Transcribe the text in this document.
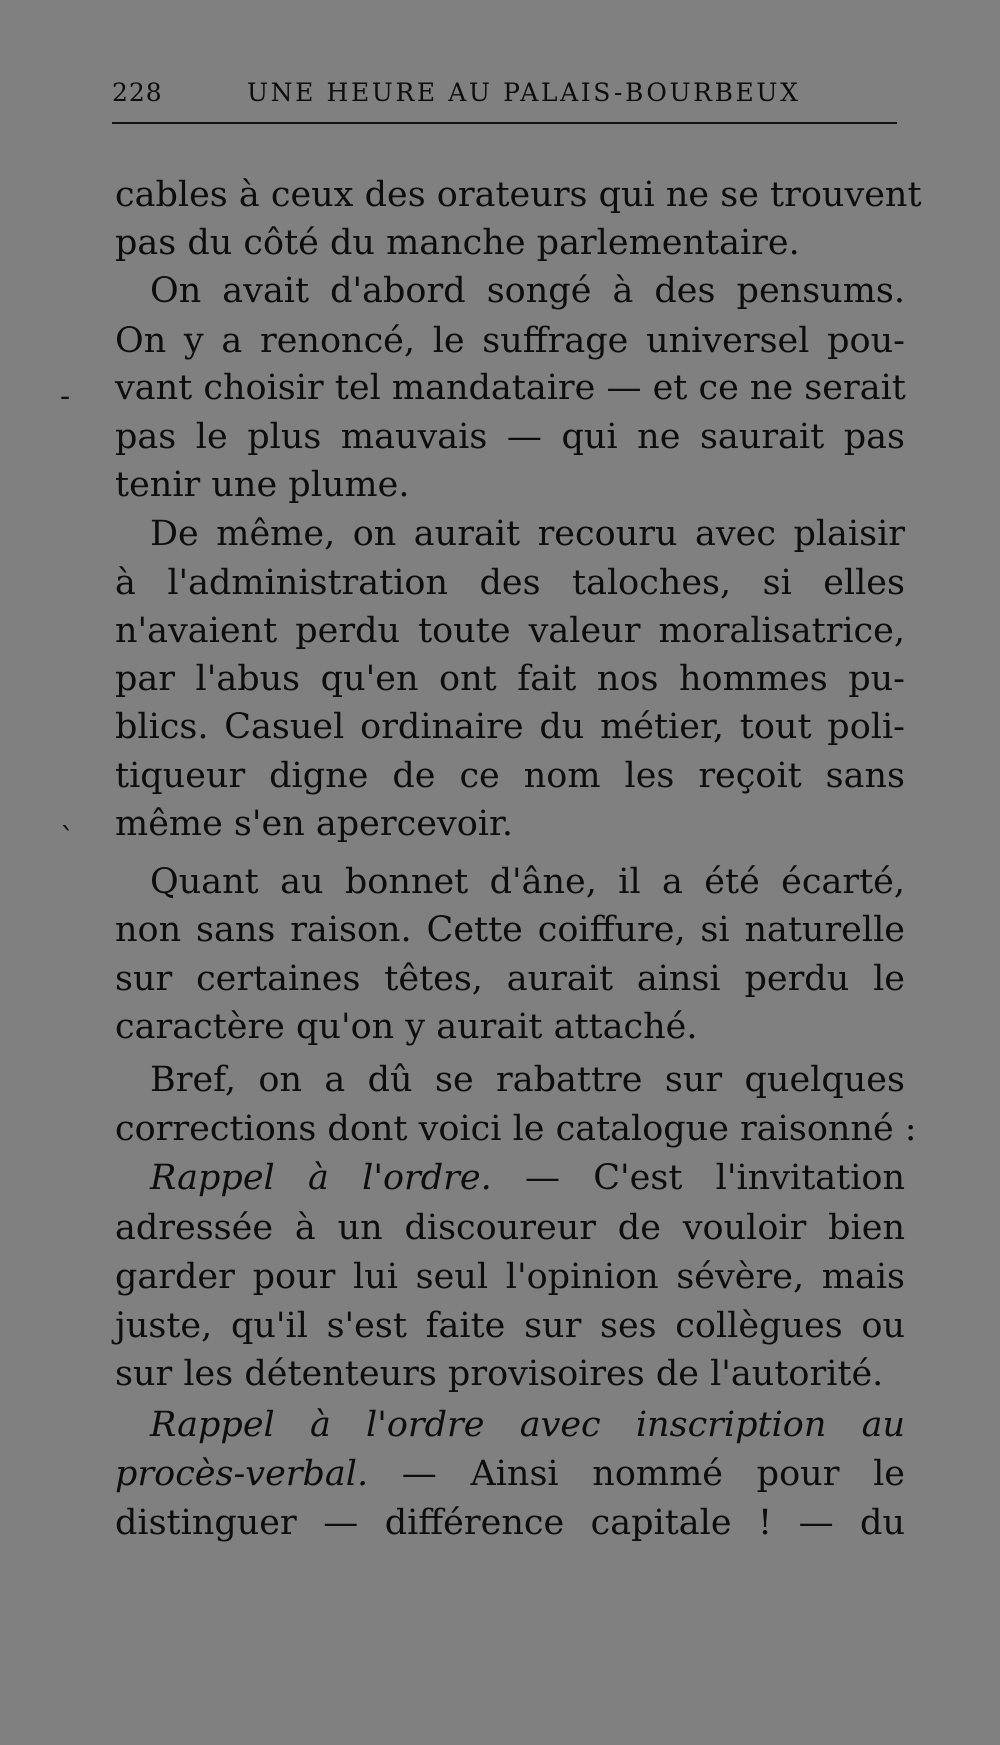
228	UNE HEURE AU PALAIS-BOURBEUX
-
`
cables à ceux des orateurs qui ne se trouvent
pas du côté du manche parlementaire.
On avait d'abord songé à des pensums.
On y a renoncé, le suffrage universel pou-
vant choisir tel mandataire — et ce ne serait
pas le plus mauvais — qui ne saurait pas
tenir une plume.
De même, on aurait recouru avec plaisir
à l'administration des taloches, si elles
n'avaient perdu toute valeur moralisatrice,
par l'abus qu'en ont fait nos hommes pu-
blics. Casuel ordinaire du métier, tout poli-
tiqueur digne de ce nom les reçoit sans
même s'en apercevoir.
Quant au bonnet d'âne, il a été écarté,
non sans raison. Cette coiffure, si naturelle
sur certaines têtes, aurait ainsi perdu le
caractère qu'on y aurait attaché.
Bref, on a dû se rabattre sur quelques
corrections dont voici le catalogue raisonné :
Rappel à l'ordre. — C'est l'invitation
adressée à un discoureur de vouloir bien
garder pour lui seul l'opinion sévère, mais
juste, qu'il s'est faite sur ses collègues ou
sur les détenteurs provisoires de l'autorité.
Rappel à l'ordre avec inscription au
procès-verbal. — Ainsi nommé pour le
distinguer — différence capitale ! — du
